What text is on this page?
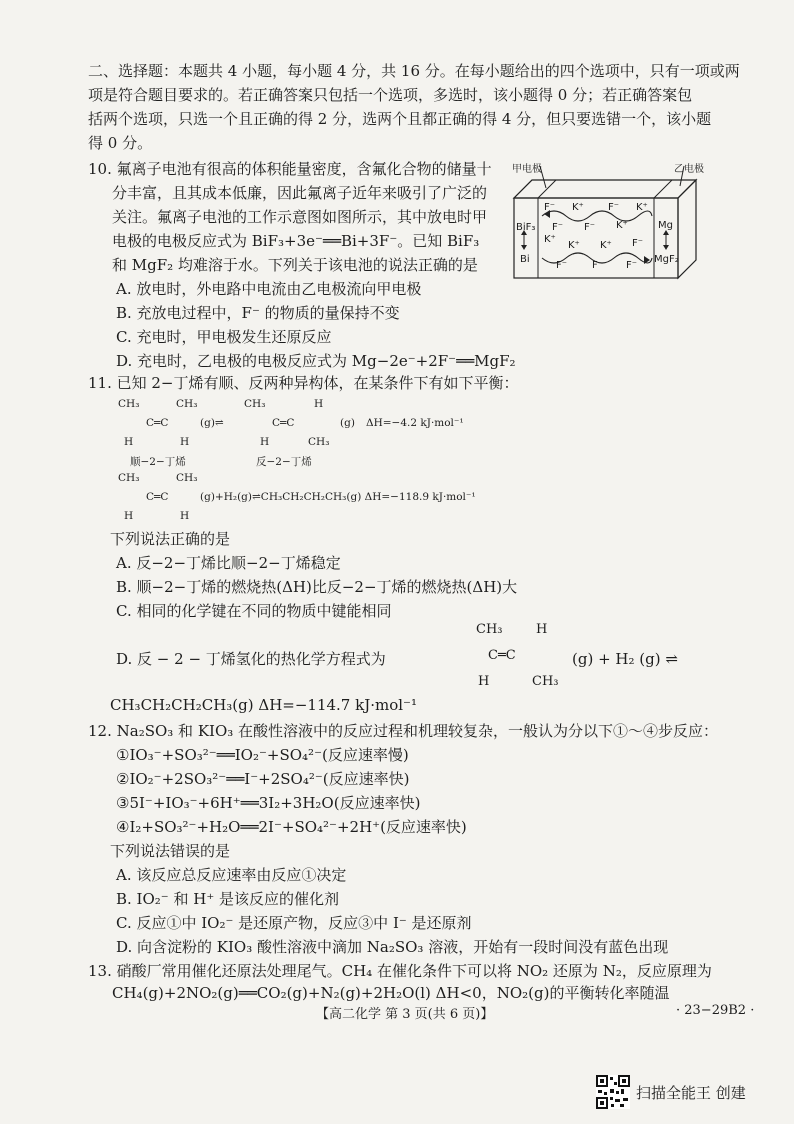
二、选择题：本题共 4 小题，每小题 4 分，共 16 分。在每小题给出的四个选项中，只有一项或两
项是符合题目要求的。若正确答案只包括一个选项，多选时，该小题得 0 分；若正确答案包
括两个选项，只选一个且正确的得 2 分，选两个且都正确的得 4 分，但只要选错一个，该小题
得 0 分。
10. 氟离子电池有很高的体积能量密度，含氟化合物的储量十
分丰富，且其成本低廉，因此氟离子近年来吸引了广泛的
关注。氟离子电池的工作示意图如图所示，其中放电时甲
电极的电极反应式为 BiF₃+3e⁻══Bi+3F⁻。已知 BiF₃
和 MgF₂ 均难溶于水。下列关于该电池的说法正确的是
A. 放电时，外电路中电流由乙电极流向甲电极
B. 充放电过程中，F⁻ 的物质的量保持不变
C. 充电时，甲电极发生还原反应
D. 充电时，乙电极的电极反应式为 Mg−2e⁻+2F⁻══MgF₂
甲电极	乙电极
BiF₃
Bi
Mg
MgF₂
F⁻ K⁺ F⁻ K⁺
F⁻ F⁻ K⁺
K⁺
K⁺ K⁺ F⁻
F⁻ F⁻ F⁻
11. 已知 2−丁烯有顺、反两种异构体，在某条件下有如下平衡：
CH₃	CH₃
C═C
H	H
(g)⇌
顺−2−丁烯
CH₃	H
C═C
H	CH₃
(g) ΔH=−4.2 kJ·mol⁻¹
反−2−丁烯
CH₃	CH₃
C═C
H	H
(g)+H₂(g)⇌CH₃CH₂CH₂CH₃(g) ΔH=−118.9 kJ·mol⁻¹
下列说法正确的是
A. 反−2−丁烯比顺−2−丁烯稳定
B. 顺−2−丁烯的燃烧热(ΔH)比反−2−丁烯的燃烧热(ΔH)大
C. 相同的化学键在不同的物质中键能相同
D. 反 − 2 − 丁烯氢化的热化学方程式为
CH₃	H
C═C
H	CH₃
(g) + H₂ (g) ⇌
CH₃CH₂CH₂CH₃(g) ΔH=−114.7 kJ·mol⁻¹
12. Na₂SO₃ 和 KIO₃ 在酸性溶液中的反应过程和机理较复杂，一般认为分以下①～④步反应：
①IO₃⁻+SO₃²⁻══IO₂⁻+SO₄²⁻(反应速率慢)
②IO₂⁻+2SO₃²⁻══I⁻+2SO₄²⁻(反应速率快)
③5I⁻+IO₃⁻+6H⁺══3I₂+3H₂O(反应速率快)
④I₂+SO₃²⁻+H₂O══2I⁻+SO₄²⁻+2H⁺(反应速率快)
下列说法错误的是
A. 该反应总反应速率由反应①决定
B. IO₂⁻ 和 H⁺ 是该反应的催化剂
C. 反应①中 IO₂⁻ 是还原产物，反应③中 I⁻ 是还原剂
D. 向含淀粉的 KIO₃ 酸性溶液中滴加 Na₂SO₃ 溶液，开始有一段时间没有蓝色出现
13. 硝酸厂常用催化还原法处理尾气。CH₄ 在催化条件下可以将 NO₂ 还原为 N₂，反应原理为
CH₄(g)+2NO₂(g)══CO₂(g)+N₂(g)+2H₂O(l) ΔH<0，NO₂(g)的平衡转化率随温
【高二化学 第 3 页(共 6 页)】	· 23−29B2 ·
扫描全能王 创建
